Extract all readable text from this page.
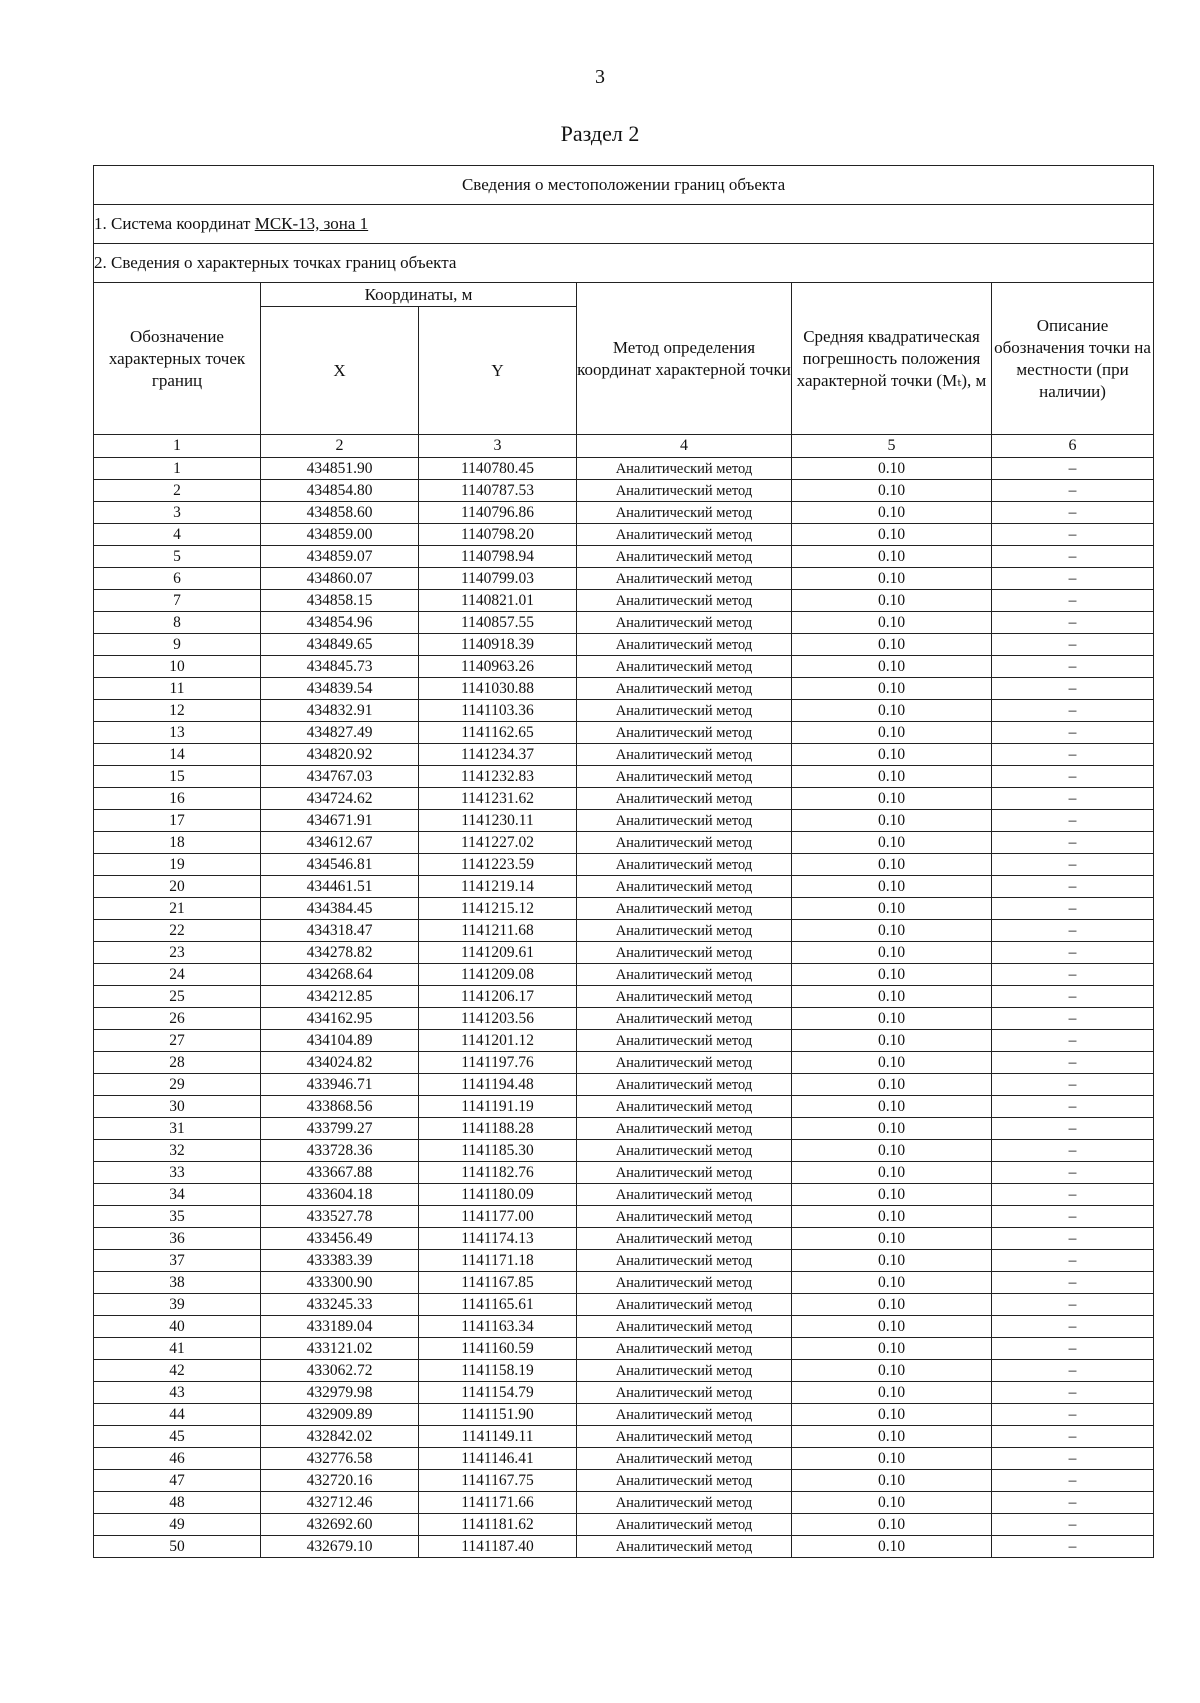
3
Раздел 2
Сведения о местоположении границ объекта					
1. Система координат МСК-13, зона 1					
2. Сведения о характерных точках границ объекта					
Обозначение характерных точек границ	Координаты, м		Метод определения координат характерной точки	Средняя квадратическая погрешность положения характерной точки (Mₜ), м	Описание обозначения точки на местности (при наличии)
	X	Y			
1	2	3	4	5	6
1	434851.90	1140780.45	Аналитический метод	0.10	–
2	434854.80	1140787.53	Аналитический метод	0.10	–
3	434858.60	1140796.86	Аналитический метод	0.10	–
4	434859.00	1140798.20	Аналитический метод	0.10	–
5	434859.07	1140798.94	Аналитический метод	0.10	–
6	434860.07	1140799.03	Аналитический метод	0.10	–
7	434858.15	1140821.01	Аналитический метод	0.10	–
8	434854.96	1140857.55	Аналитический метод	0.10	–
9	434849.65	1140918.39	Аналитический метод	0.10	–
10	434845.73	1140963.26	Аналитический метод	0.10	–
11	434839.54	1141030.88	Аналитический метод	0.10	–
12	434832.91	1141103.36	Аналитический метод	0.10	–
13	434827.49	1141162.65	Аналитический метод	0.10	–
14	434820.92	1141234.37	Аналитический метод	0.10	–
15	434767.03	1141232.83	Аналитический метод	0.10	–
16	434724.62	1141231.62	Аналитический метод	0.10	–
17	434671.91	1141230.11	Аналитический метод	0.10	–
18	434612.67	1141227.02	Аналитический метод	0.10	–
19	434546.81	1141223.59	Аналитический метод	0.10	–
20	434461.51	1141219.14	Аналитический метод	0.10	–
21	434384.45	1141215.12	Аналитический метод	0.10	–
22	434318.47	1141211.68	Аналитический метод	0.10	–
23	434278.82	1141209.61	Аналитический метод	0.10	–
24	434268.64	1141209.08	Аналитический метод	0.10	–
25	434212.85	1141206.17	Аналитический метод	0.10	–
26	434162.95	1141203.56	Аналитический метод	0.10	–
27	434104.89	1141201.12	Аналитический метод	0.10	–
28	434024.82	1141197.76	Аналитический метод	0.10	–
29	433946.71	1141194.48	Аналитический метод	0.10	–
30	433868.56	1141191.19	Аналитический метод	0.10	–
31	433799.27	1141188.28	Аналитический метод	0.10	–
32	433728.36	1141185.30	Аналитический метод	0.10	–
33	433667.88	1141182.76	Аналитический метод	0.10	–
34	433604.18	1141180.09	Аналитический метод	0.10	–
35	433527.78	1141177.00	Аналитический метод	0.10	–
36	433456.49	1141174.13	Аналитический метод	0.10	–
37	433383.39	1141171.18	Аналитический метод	0.10	–
38	433300.90	1141167.85	Аналитический метод	0.10	–
39	433245.33	1141165.61	Аналитический метод	0.10	–
40	433189.04	1141163.34	Аналитический метод	0.10	–
41	433121.02	1141160.59	Аналитический метод	0.10	–
42	433062.72	1141158.19	Аналитический метод	0.10	–
43	432979.98	1141154.79	Аналитический метод	0.10	–
44	432909.89	1141151.90	Аналитический метод	0.10	–
45	432842.02	1141149.11	Аналитический метод	0.10	–
46	432776.58	1141146.41	Аналитический метод	0.10	–
47	432720.16	1141167.75	Аналитический метод	0.10	–
48	432712.46	1141171.66	Аналитический метод	0.10	–
49	432692.60	1141181.62	Аналитический метод	0.10	–
50	432679.10	1141187.40	Аналитический метод	0.10	–
